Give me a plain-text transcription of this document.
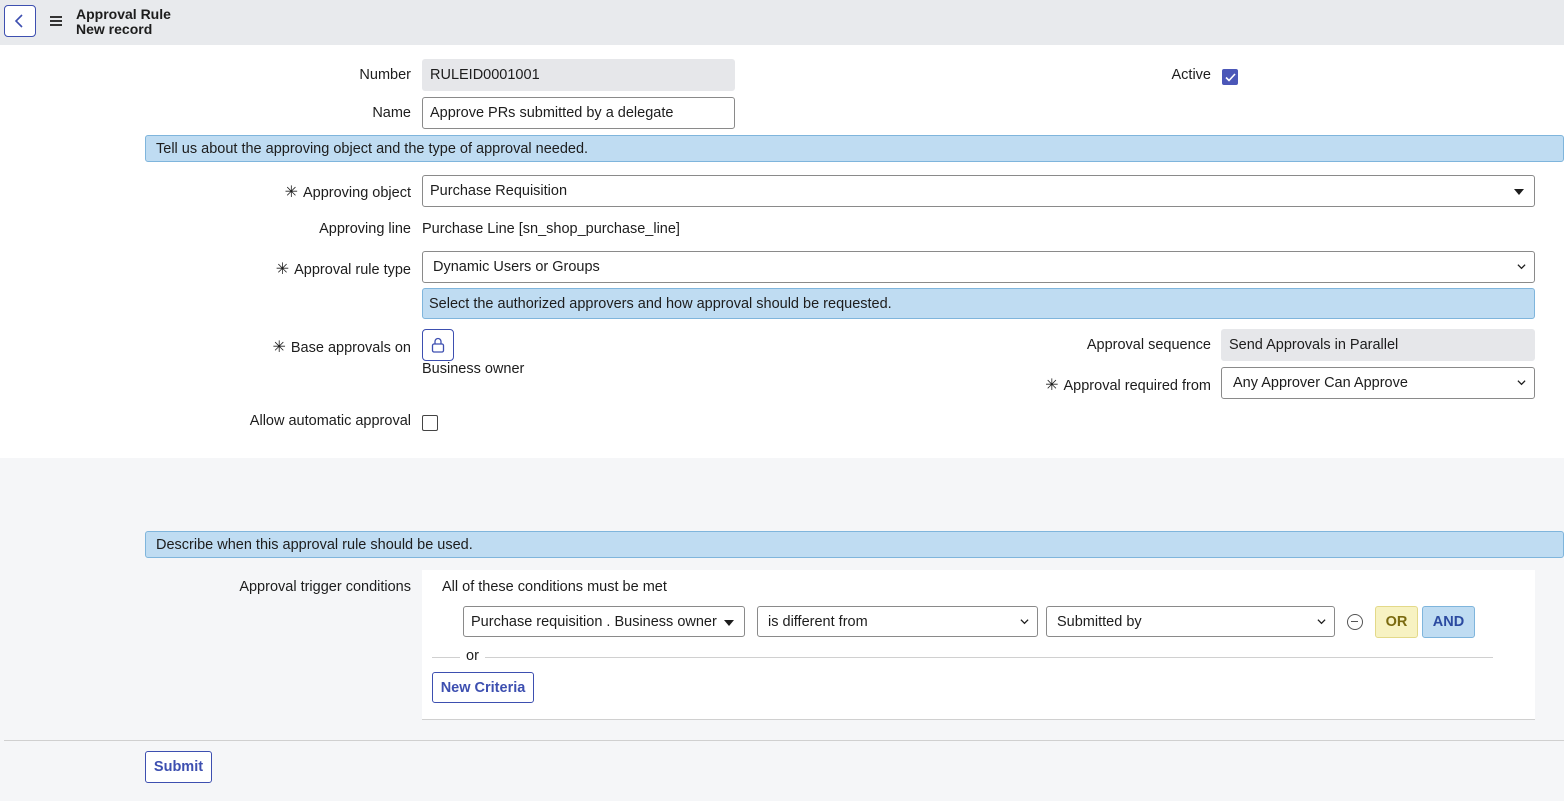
Approval Rule
New record
Number RULEID0001001	Active
Name Approve PRs submitted by a delegate
Tell us about the approving object and the type of approval needed.
✳ Approving object Purchase Requisition
Approving line Purchase Line [sn_shop_purchase_line]
✳ Approval rule type Dynamic Users or Groups
Select the authorized approvers and how approval should be requested.
✳ Base approvals on
Business owner
Approval sequence Send Approvals in Parallel
✳ Approval required from Any Approver Can Approve
Allow automatic approval
Describe when this approval rule should be used.
Approval trigger conditions All of these conditions must be met
Purchase requisition . Business owner	is different from	Submitted by	OR	AND
or
New Criteria
Submit
